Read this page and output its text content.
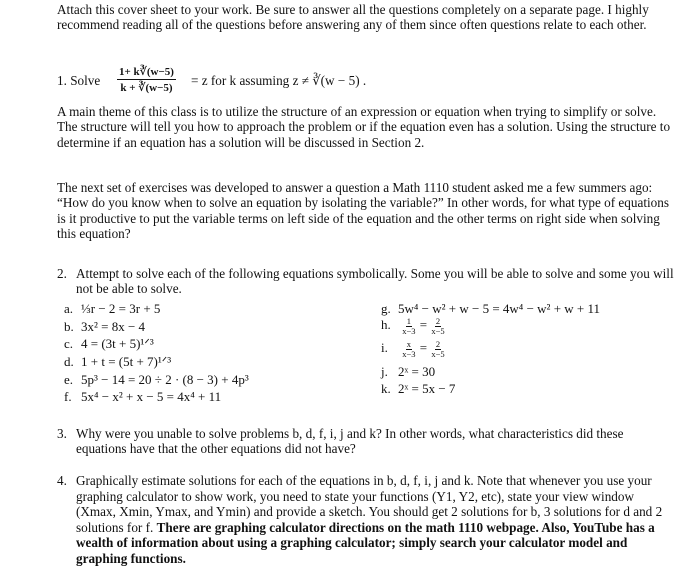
Attach this cover sheet to your work. Be sure to answer all the questions completely on a separate page. I highly recommend reading all of the questions before answering any of them since often questions relate to each other.
1. Solve $\frac{1+ k∛(w-5)}{k + ∛(w-5)} = z$ for k assuming z ≠ ∛(w − 5) .
A main theme of this class is to utilize the structure of an expression or equation when trying to simplify or solve. The structure will tell you how to approach the problem or if the equation even has a solution. Using the structure to determine if an equation has a solution will be discussed in Section 2.
The next set of exercises was developed to answer a question a Math 1110 student asked me a few summers ago: “How do you know when to solve an equation by isolating the variable?” In other words, for what type of equations is it productive to put the variable terms on left side of the equation and the other terms on right side when solving this equation?
2. Attempt to solve each of the following equations symbolically. Some you will be able to solve and some you will not be able to solve.
a. ⅓r − 2 = 3r + 5
b. 3x² = 8x − 4
c. 4 = (3t + 5)¹ᐟ³
d. 1 + t = (5t + 7)¹ᐟ³
e. 5p³ − 14 = 20 ÷ 2 · (8 − 3) + 4p³
f. 5x⁴ − x² + x − 5 = 4x⁴ + 11
g. 5w⁴ − w² + w − 5 = 4w⁴ − w² + w + 11
h. $\frac{1}{x-3} = \frac{2}{x-5}$
i. $\frac{x}{x-3} = \frac{2}{x-5}$
j. 2ˣ = 30
k. 2ˣ = 5x − 7
3. Why were you unable to solve problems b, d, f, i, j and k? In other words, what characteristics did these equations have that the other equations did not have?
4. Graphically estimate solutions for each of the equations in b, d, f, i, j and k. Note that whenever you use your graphing calculator to show work, you need to state your functions (Y1, Y2, etc), state your view window (Xmax, Xmin, Ymax, and Ymin) and provide a sketch. You should get 2 solutions for b, 3 solutions for d and 2 solutions for f. There are graphing calculator directions on the math 1110 webpage. Also, YouTube has a wealth of information about using a graphing calculator; simply search your calculator model and graphing functions.
